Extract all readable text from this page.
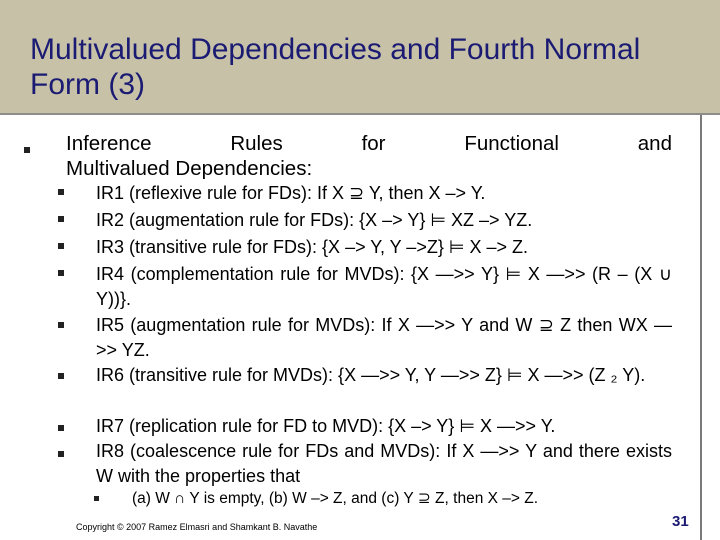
Multivalued Dependencies and Fourth Normal Form (3)
Inference Rules for Functional and
Multivalued Dependencies:
IR1 (reflexive rule for FDs): If X ⊇ Y, then X –> Y.
IR2 (augmentation rule for FDs): {X –> Y} ⊨ XZ –> YZ.
IR3 (transitive rule for FDs): {X –> Y, Y –>Z} ⊨ X –> Z.
IR4 (complementation rule for MVDs): {X —>> Y} ⊨ X —>> (R – (X ∪ Y))}.
IR5 (augmentation rule for MVDs): If X —>> Y and W ⊇ Z then WX —>> YZ.
IR6 (transitive rule for MVDs): {X —>> Y, Y —>> Z} ⊨ X —>> (Z ₂ Y).
IR7 (replication rule for FD to MVD): {X –> Y} ⊨ X —>> Y.
IR8 (coalescence rule for FDs and MVDs): If X —>> Y and there exists W with the properties that
(a) W ∩ Y is empty, (b) W –> Z, and (c) Y ⊇ Z, then X –> Z.
Copyright © 2007 Ramez Elmasri and Shamkant B. Navathe	31
